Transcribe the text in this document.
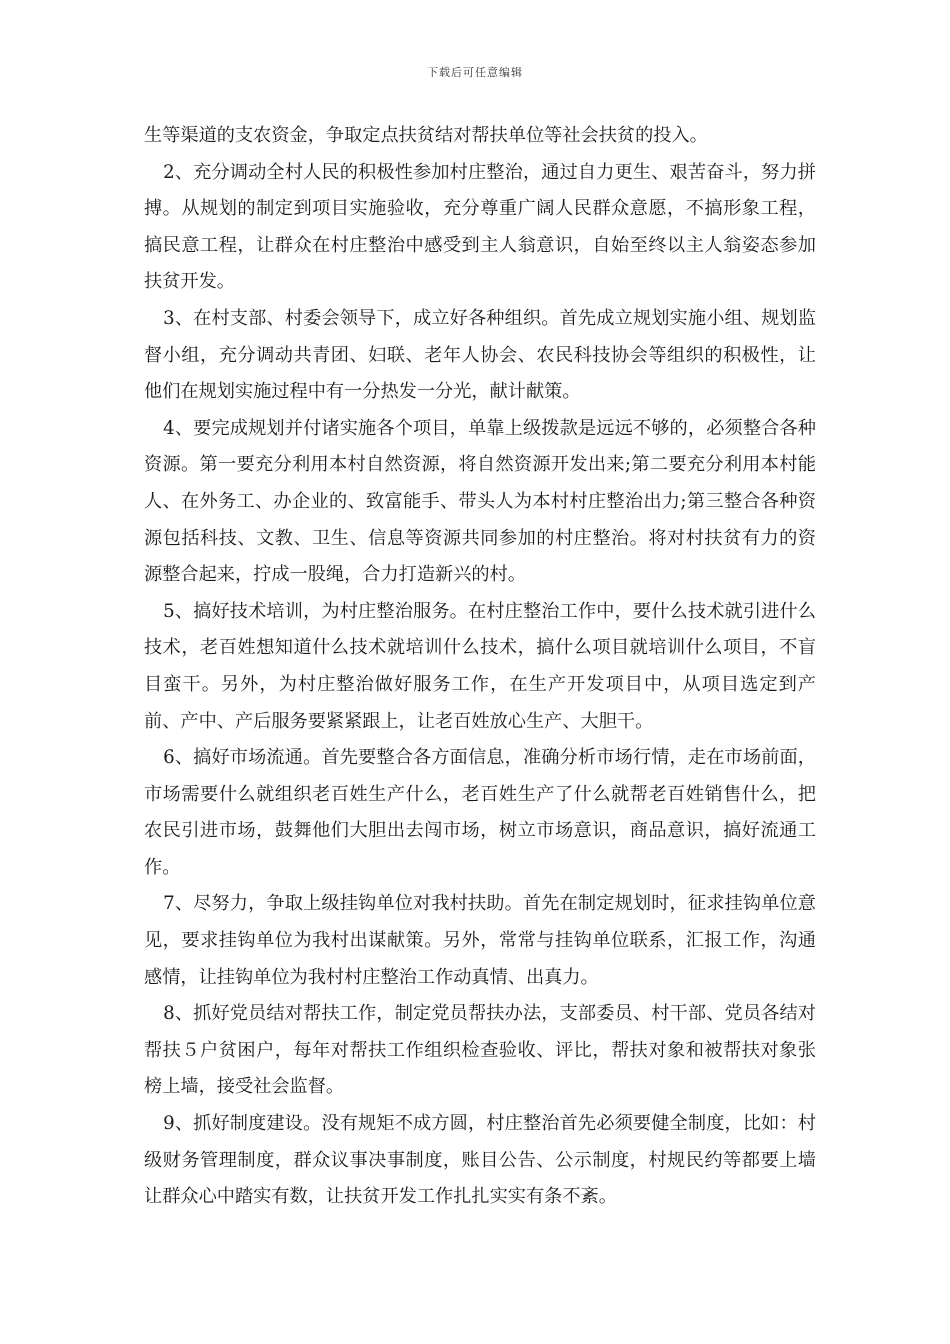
下载后可任意编辑

生等渠道的支农资金，争取定点扶贫结对帮扶单位等社会扶贫的投入。

2、充分调动全村人民的积极性参加村庄整治，通过自力更生、艰苦奋斗，努力拼搏。从规划的制定到项目实施验收，充分尊重广阔人民群众意愿，不搞形象工程，搞民意工程，让群众在村庄整治中感受到主人翁意识，自始至终以主人翁姿态参加扶贫开发。

3、在村支部、村委会领导下，成立好各种组织。首先成立规划实施小组、规划监督小组，充分调动共青团、妇联、老年人协会、农民科技协会等组织的积极性，让他们在规划实施过程中有一分热发一分光，献计献策。

4、要完成规划并付诸实施各个项目，单靠上级拨款是远远不够的，必须整合各种资源。第一要充分利用本村自然资源，将自然资源开发出来;第二要充分利用本村能人、在外务工、办企业的、致富能手、带头人为本村村庄整治出力;第三整合各种资源包括科技、文教、卫生、信息等资源共同参加的村庄整治。将对村扶贫有力的资源整合起来，拧成一股绳，合力打造新兴的村。

5、搞好技术培训，为村庄整治服务。在村庄整治工作中，要什么技术就引进什么技术，老百姓想知道什么技术就培训什么技术，搞什么项目就培训什么项目，不盲目蛮干。另外，为村庄整治做好服务工作，在生产开发项目中，从项目选定到产前、产中、产后服务要紧紧跟上，让老百姓放心生产、大胆干。

6、搞好市场流通。首先要整合各方面信息，准确分析市场行情，走在市场前面，市场需要什么就组织老百姓生产什么，老百姓生产了什么就帮老百姓销售什么，把农民引进市场，鼓舞他们大胆出去闯市场，树立市场意识，商品意识，搞好流通工作。

7、尽努力，争取上级挂钩单位对我村扶助。首先在制定规划时，征求挂钩单位意见，要求挂钩单位为我村出谋献策。另外，常常与挂钩单位联系，汇报工作，沟通感情，让挂钩单位为我村村庄整治工作动真情、出真力。

8、抓好党员结对帮扶工作，制定党员帮扶办法，支部委员、村干部、党员各结对帮扶５户贫困户，每年对帮扶工作组织检查验收、评比，帮扶对象和被帮扶对象张榜上墙，接受社会监督。

9、抓好制度建设。没有规矩不成方圆，村庄整治首先必须要健全制度，比如：村级财务管理制度，群众议事决事制度，账目公告、公示制度，村规民约等都要上墙让群众心中踏实有数，让扶贫开发工作扎扎实实有条不紊。
